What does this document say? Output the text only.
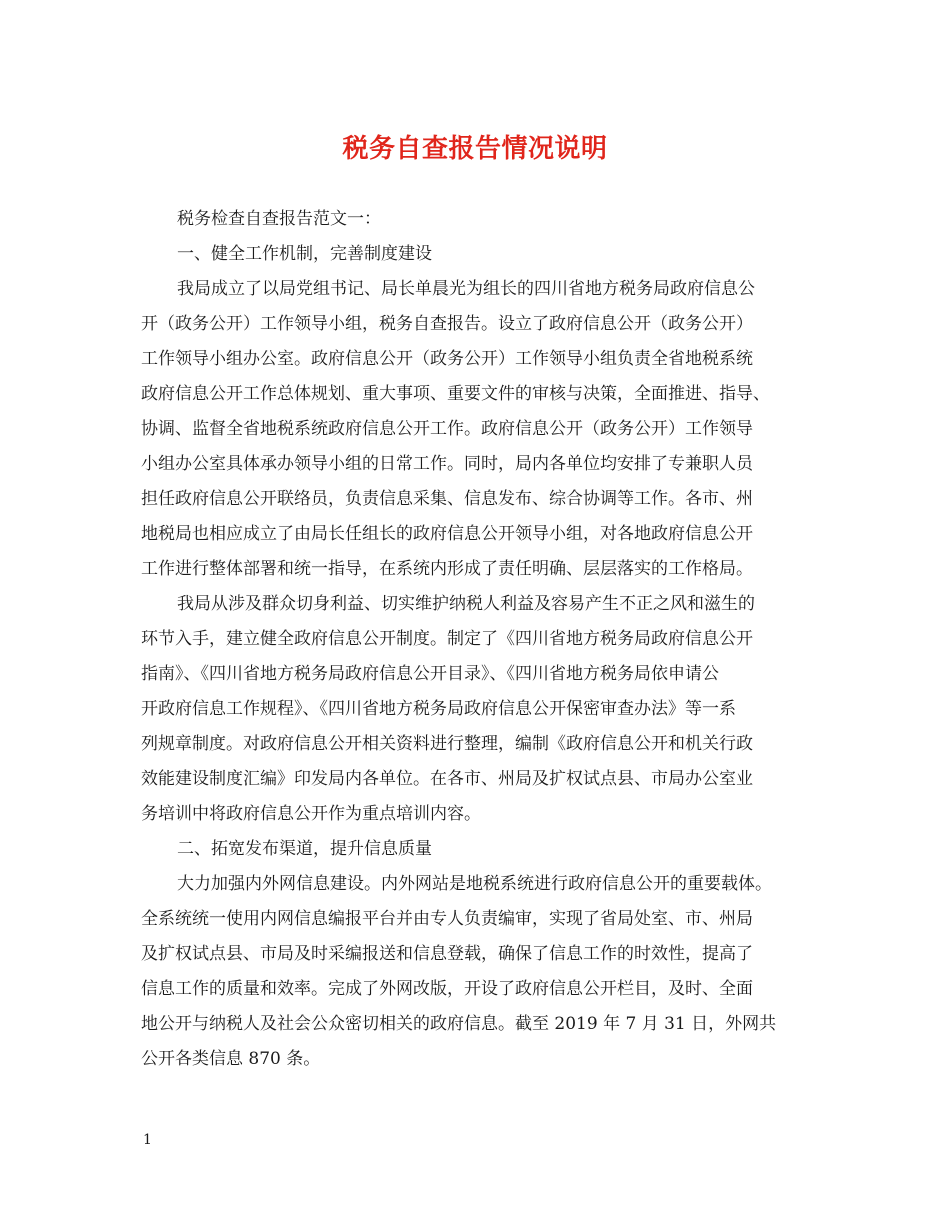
税务自查报告情况说明
税务检查自查报告范文一：
一、健全工作机制，完善制度建设
我局成立了以局党组书记、局长单晨光为组长的四川省地方税务局政府信息公
开（政务公开）工作领导小组，税务自查报告。设立了政府信息公开（政务公开）
工作领导小组办公室。政府信息公开（政务公开）工作领导小组负责全省地税系统
政府信息公开工作总体规划、重大事项、重要文件的审核与决策，全面推进、指导、
协调、监督全省地税系统政府信息公开工作。政府信息公开（政务公开）工作领导
小组办公室具体承办领导小组的日常工作。同时，局内各单位均安排了专兼职人员
担任政府信息公开联络员，负责信息采集、信息发布、综合协调等工作。各市、州
地税局也相应成立了由局长任组长的政府信息公开领导小组，对各地政府信息公开
工作进行整体部署和统一指导，在系统内形成了责任明确、层层落实的工作格局。
我局从涉及群众切身利益、切实维护纳税人利益及容易产生不正之风和滋生的
环节入手，建立健全政府信息公开制度。制定了《四川省地方税务局政府信息公开
指南》、《四川省地方税务局政府信息公开目录》、《四川省地方税务局依申请公
开政府信息工作规程》、《四川省地方税务局政府信息公开保密审查办法》等一系
列规章制度。对政府信息公开相关资料进行整理，编制《政府信息公开和机关行政
效能建设制度汇编》印发局内各单位。在各市、州局及扩权试点县、市局办公室业
务培训中将政府信息公开作为重点培训内容。
二、拓宽发布渠道，提升信息质量
大力加强内外网信息建设。内外网站是地税系统进行政府信息公开的重要载体。
全系统统一使用内网信息编报平台并由专人负责编审，实现了省局处室、市、州局
及扩权试点县、市局及时采编报送和信息登载，确保了信息工作的时效性，提高了
信息工作的质量和效率。完成了外网改版，开设了政府信息公开栏目，及时、全面
地公开与纳税人及社会公众密切相关的政府信息。截至 2019 年 7 月 31 日，外网共
公开各类信息 870 条。
1
